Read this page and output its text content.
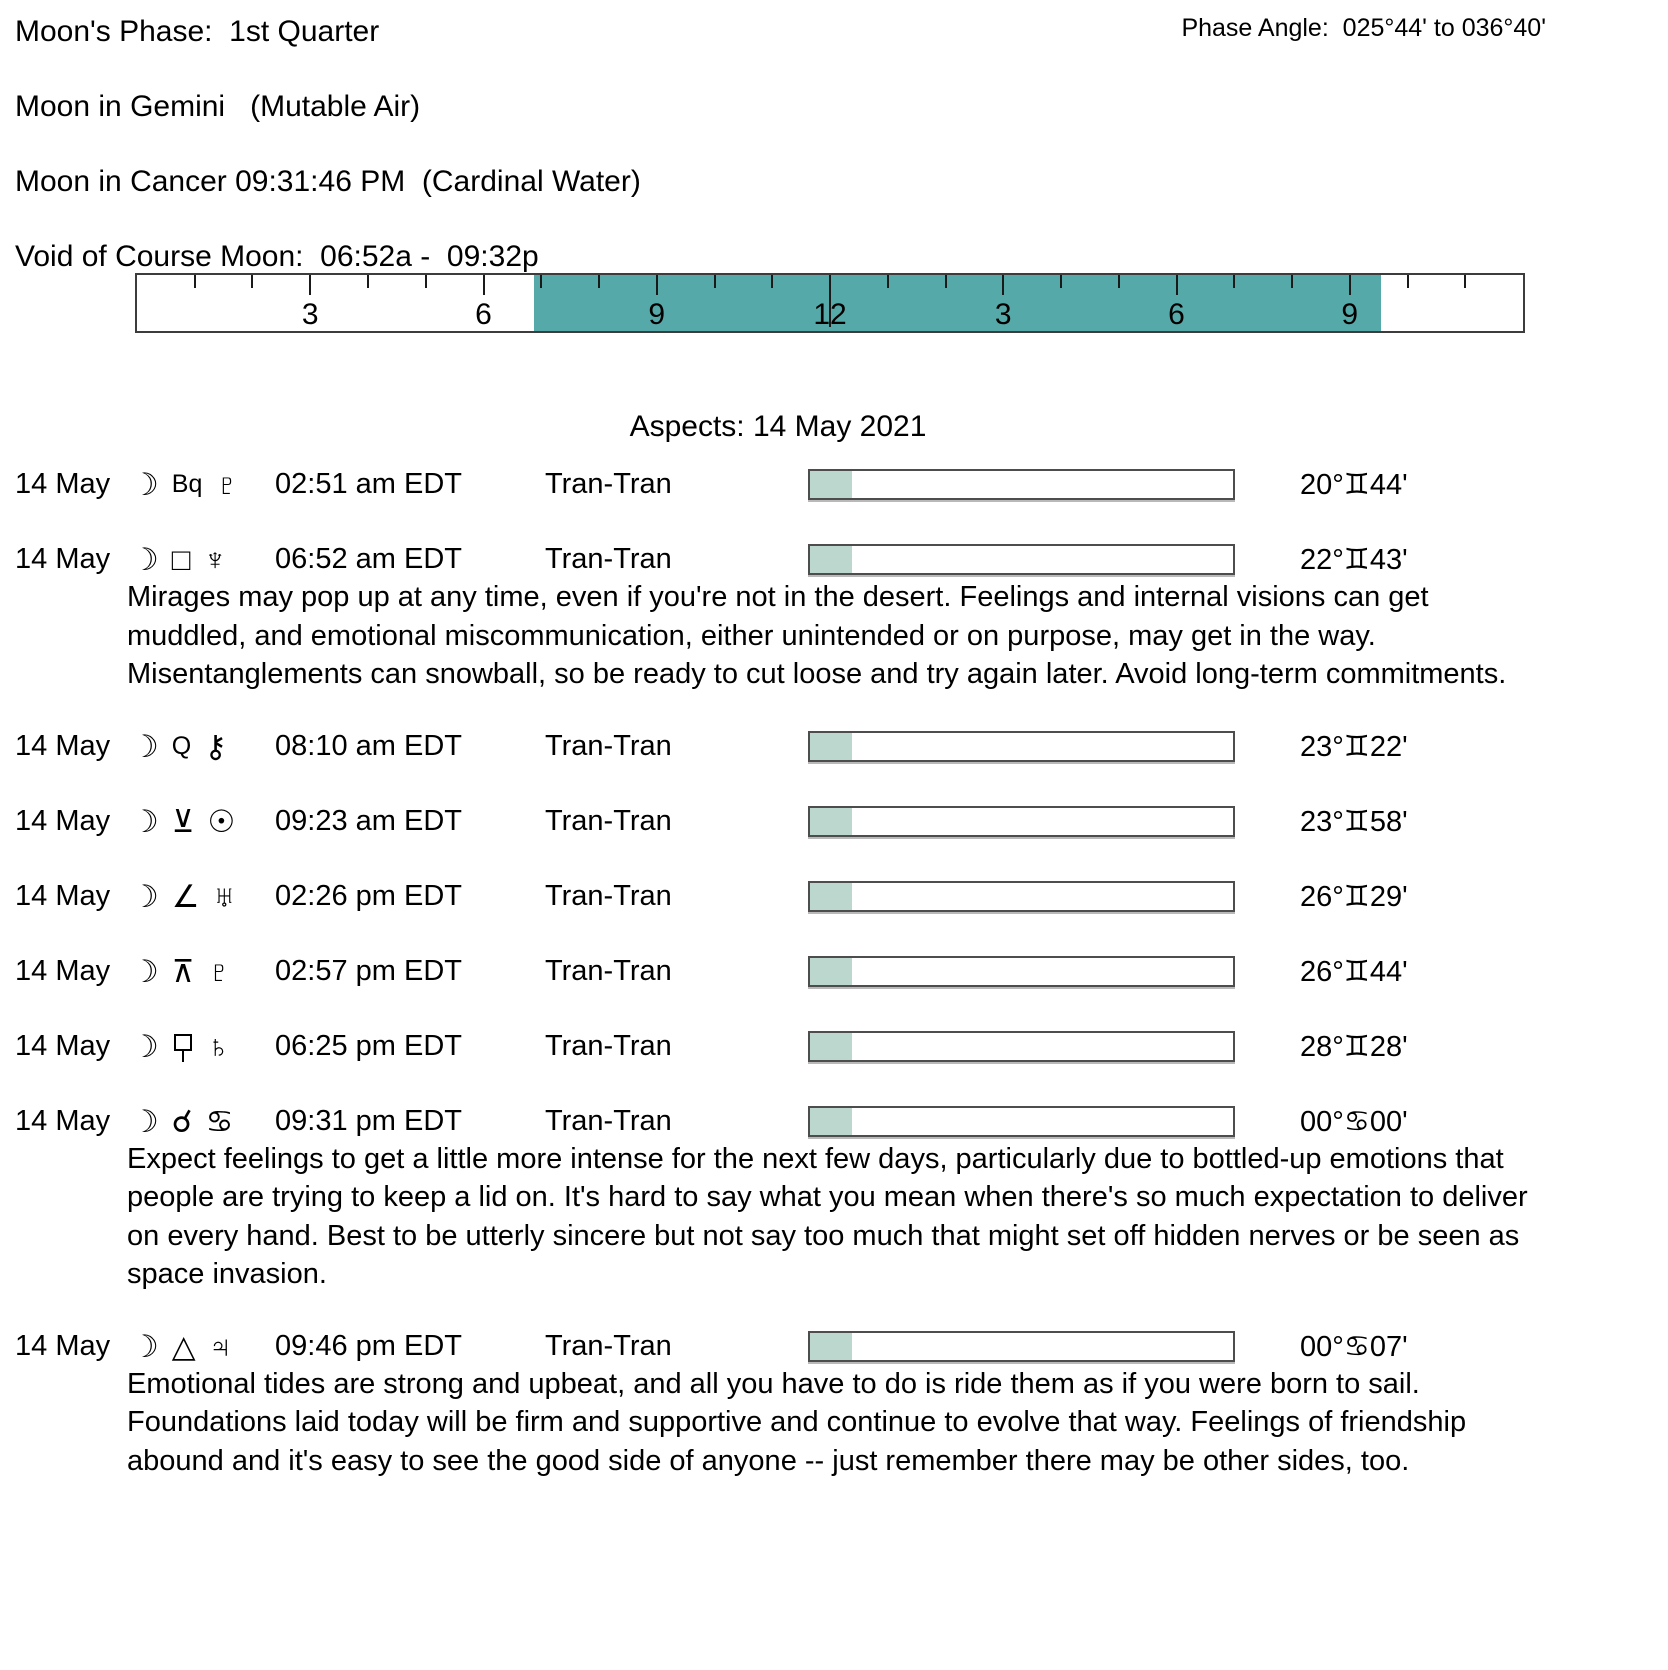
Moon's Phase:  1st Quarter	Phase Angle:  025°44' to 036°40'
Moon in Gemini   (Mutable Air)
Moon in Cancer 09:31:46 PM  (Cardinal Water)
Void of Course Moon:  06:52a -  09:32p
3	6	9	12	3	6	9
Aspects: 14 May 2021
14 May ☽ Bq ♇ 02:51 am EDT	Tran-Tran	20°♊44'
14 May ☽ □ ♆ 06:52 am EDT	Tran-Tran	22°♊43'

Mirages may pop up at any time, even if you're not in the desert. Feelings and internal visions can get muddled, and emotional miscommunication, either unintended or on purpose, may get in the way. Misentanglements can snowball, so be ready to cut loose and try again later. Avoid long-term commitments.

14 May ☽ Q ⚷ 08:10 am EDT	Tran-Tran	23°♊22'
14 May ☽ ⊻ ☉ 09:23 am EDT	Tran-Tran	23°♊58'
14 May ☽ ∠ ♅ 02:26 pm EDT	Tran-Tran	26°♊29'
14 May ☽ ⊼ ♇ 02:57 pm EDT	Tran-Tran	26°♊44'
14 May ☽ ♄ 06:25 pm EDT	Tran-Tran	28°♊28'
14 May ☽ ☌ ♋ 09:31 pm EDT	Tran-Tran	00°♋00'

Expect feelings to get a little more intense for the next few days, particularly due to bottled-up emotions that people are trying to keep a lid on. It's hard to say what you mean when there's so much expectation to deliver on every hand. Best to be utterly sincere but not say too much that might set off hidden nerves or be seen as space invasion.

14 May ☽ △ ♃ 09:46 pm EDT	Tran-Tran	00°♋07'

Emotional tides are strong and upbeat, and all you have to do is ride them as if you were born to sail. Foundations laid today will be firm and supportive and continue to evolve that way. Feelings of friendship abound and it's easy to see the good side of anyone -- just remember there may be other sides, too.
